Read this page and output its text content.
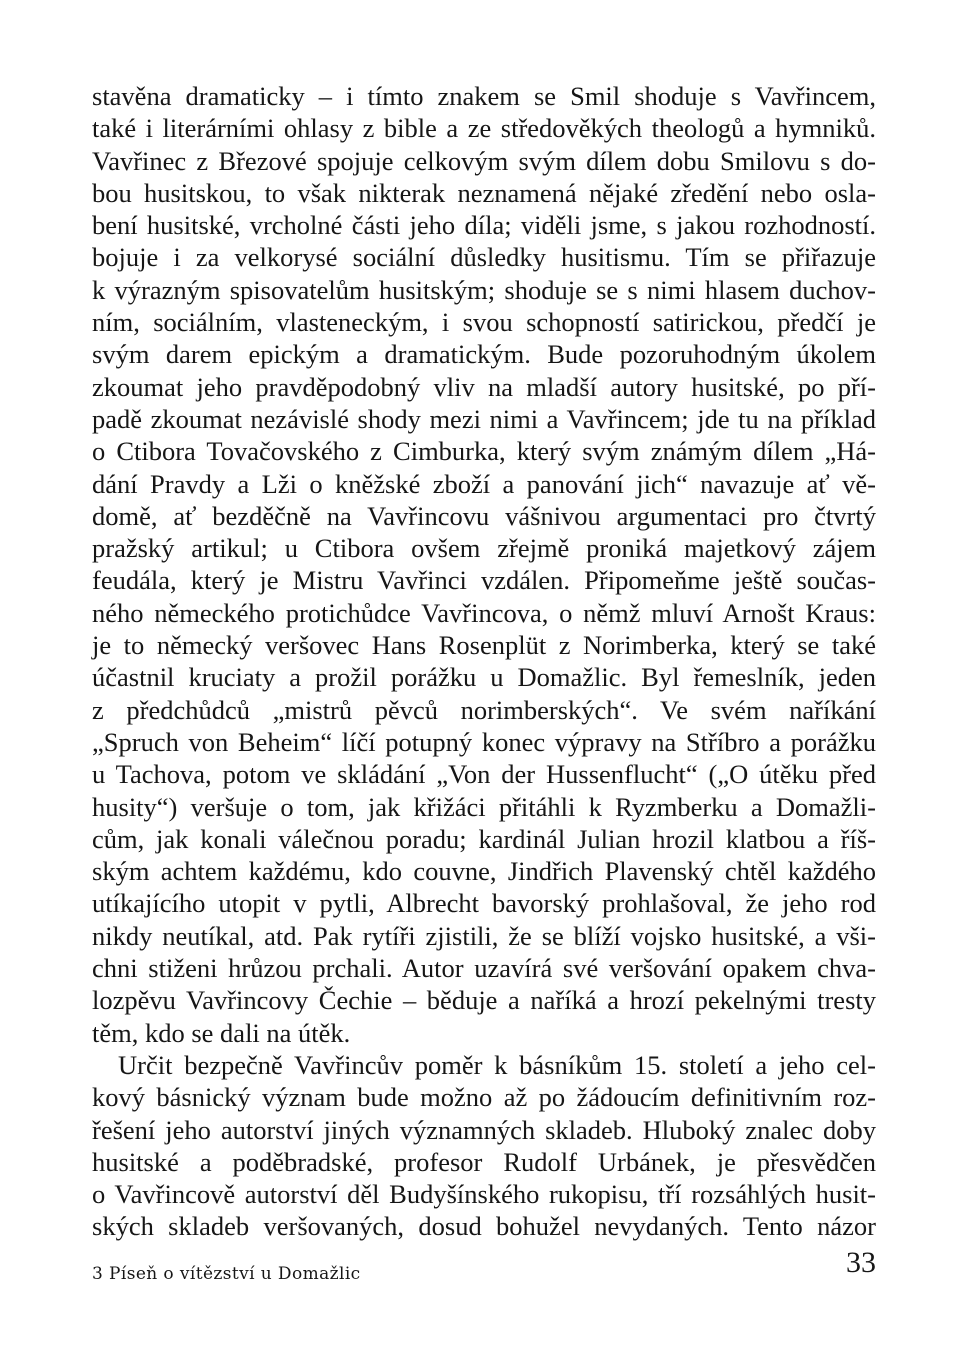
stavěna dramaticky – i tímto znakem se Smil shoduje s Vavřincem,
také i literárními ohlasy z bible a ze středověkých theologů a hymniků.
Vavřinec z Březové spojuje celkovým svým dílem dobu Smilovu s do-
bou husitskou, to však nikterak neznamená nějaké zředění nebo osla-
bení husitské, vrcholné části jeho díla; viděli jsme, s jakou rozhodností.
bojuje i za velkorysé sociální důsledky husitismu. Tím se přiřazuje
k výrazným spisovatelům husitským; shoduje se s nimi hlasem duchov-
ním, sociálním, vlasteneckým, i svou schopností satirickou, předčí je
svým darem epickým a dramatickým. Bude pozoruhodným úkolem
zkoumat jeho pravděpodobný vliv na mladší autory husitské, po pří-
padě zkoumat nezávislé shody mezi nimi a Vavřincem; jde tu na příklad
o Ctibora Tovačovského z Cimburka, který svým známým dílem „Há-
dání Pravdy a Lži o kněžské zboží a panování jich“ navazuje ať vě-
domě, ať bezděčně na Vavřincovu vášnivou argumentaci pro čtvrtý
pražský artikul; u Ctibora ovšem zřejmě proniká majetkový zájem
feudála, který je Mistru Vavřinci vzdálen. Připomeňme ještě součas-
ného německého protichůdce Vavřincova, o němž mluví Arnošt Kraus:
je to německý veršovec Hans Rosenplüt z Norimberka, který se také
účastnil kruciaty a prožil porážku u Domažlic. Byl řemeslník, jeden
z předchůdců „mistrů pěvců norimberských“. Ve svém naříkání
„Spruch von Beheim“ líčí potupný konec výpravy na Stříbro a porážku
u Tachova, potom ve skládání „Von der Hussenflucht“ („O útěku před
husity“) veršuje o tom, jak křižáci přitáhli k Ryzmberku a Domažli-
cům, jak konali válečnou poradu; kardinál Julian hrozil klatbou a říš-
ským achtem každému, kdo couvne, Jindřich Plavenský chtěl každého
utíkajícího utopit v pytli, Albrecht bavorský prohlašoval, že jeho rod
nikdy neutíkal, atd. Pak rytíři zjistili, že se blíží vojsko husitské, a vši-
chni stiženi hrůzou prchali. Autor uzavírá své veršování opakem chva-
lozpěvu Vavřincovy Čechie – běduje a naříká a hrozí pekelnými tresty
těm, kdo se dali na útěk.
Určit bezpečně Vavřincův poměr k básníkům 15. století a jeho cel-
kový básnický význam bude možno až po žádoucím definitivním roz-
řešení jeho autorství jiných významných skladeb. Hluboký znalec doby
husitské a poděbradské, profesor Rudolf Urbánek, je přesvědčen
o Vavřincově autorství děl Budyšínského rukopisu, tří rozsáhlých husit-
ských skladeb veršovaných, dosud bohužel nevydaných. Tento názor
3 Píseň o vítězství u Domažlic	33
